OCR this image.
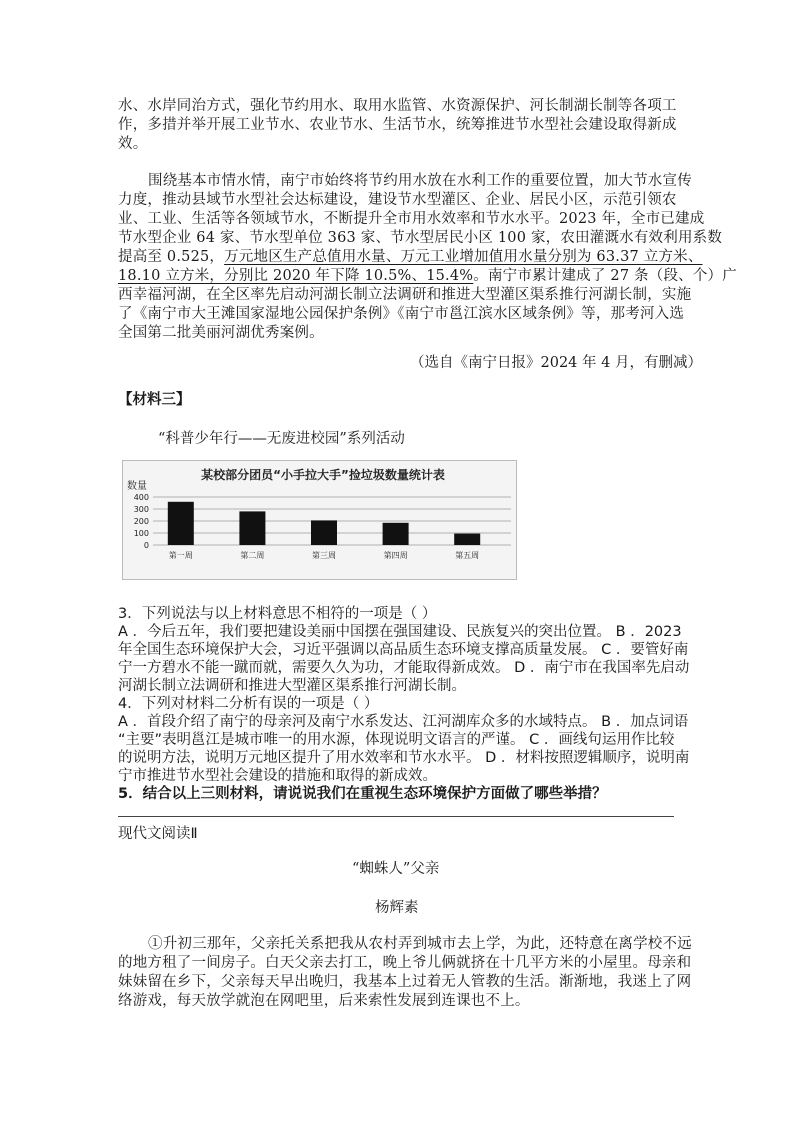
水、水岸同治方式，强化节约用水、取用水监管、水资源保护、河长制湖长制等各项工
作，多措并举开展工业节水、农业节水、生活节水，统筹推进节水型社会建设取得新成
效。
围绕基本市情水情，南宁市始终将节约用水放在水利工作的重要位置，加大节水宣传
力度，推动县域节水型社会达标建设，建设节水型灌区、企业、居民小区，示范引领农
业、工业、生活等各领域节水，不断提升全市用水效率和节水水平。2023 年，全市已建成
节水型企业 64 家、节水型单位 363 家、节水型居民小区 100 家，农田灌溉水有效利用系数
提高至 0.525，万元地区生产总值用水量、万元工业增加值用水量分别为 63.37 立方米、
18.10 立方米，分别比 2020 年下降 10.5%、15.4%。南宁市累计建成了 27 条（段、个）广
西幸福河湖，在全区率先启动河湖长制立法调研和推进大型灌区渠系推行河湖长制，实施
了《南宁市大王滩国家湿地公园保护条例》《南宁市邕江滨水区域条例》等，那考河入选
全国第二批美丽河湖优秀案例。

（选自《南宁日报》2024 年 4 月，有删减）

【材料三】

“科普少年行——无废进校园”系列活动

某校部分团员“小手拉大手”捡垃圾数量统计表
数量
400
300
200
100
0
第一周	第二周	第三周	第四周	第五周
3．下列说法与以上材料意思不相符的一项是（ ）
A ．今后五年，我们要把建设美丽中国摆在强国建设、民族复兴的突出位置。 B ．2023
年全国生态环境保护大会，习近平强调以高品质生态环境支撑高质量发展。 C ．要管好南
宁一方碧水不能一蹴而就，需要久久为功，才能取得新成效。 D ．南宁市在我国率先启动
河湖长制立法调研和推进大型灌区渠系推行河湖长制。
4．下列对材料二分析有误的一项是（ ）
A ．首段介绍了南宁的母亲河及南宁水系发达、江河湖库众多的水域特点。 B ．加点词语
“主要”表明邕江是城市唯一的用水源，体现说明文语言的严谨。 C ．画线句运用作比较
的说明方法，说明万元地区提升了用水效率和节水水平。 D ．材料按照逻辑顺序，说明南
宁市推进节水型社会建设的措施和取得的新成效。
5．结合以上三则材料，请说说我们在重视生态环境保护方面做了哪些举措？

现代文阅读Ⅱ

“蜘蛛人”父亲

杨辉素

①升初三那年，父亲托关系把我从农村弄到城市去上学，为此，还特意在离学校不远
的地方租了一间房子。白天父亲去打工，晚上爷儿俩就挤在十几平方米的小屋里。母亲和
妹妹留在乡下，父亲每天早出晚归，我基本上过着无人管教的生活。渐渐地，我迷上了网
络游戏，每天放学就泡在网吧里，后来索性发展到连课也不上。
